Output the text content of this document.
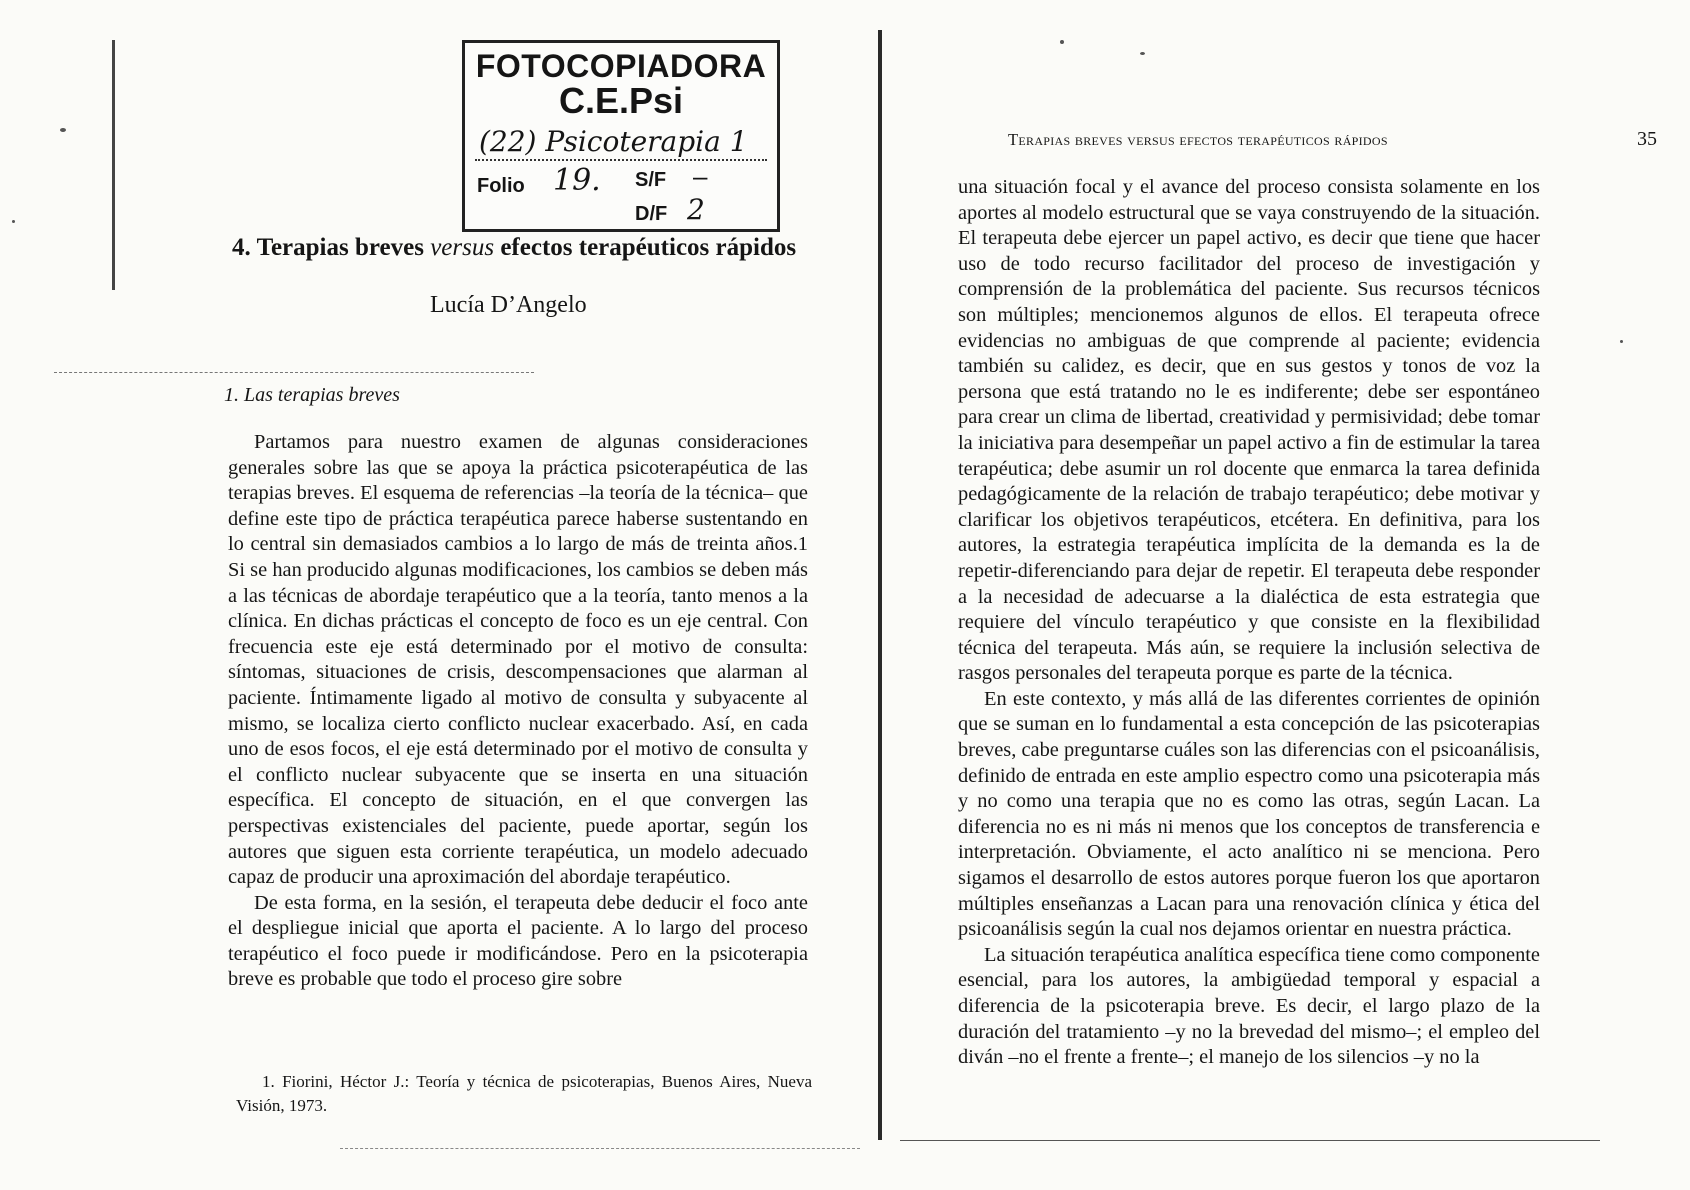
FOTOCOPIADORA
C.E.Psi
(22) Psicoterapia 1
Folio 19. S/F –
D/F 2
4. Terapias breves versus efectos terapéuticos rápidos
Lucía D’Angelo
1. Las terapias breves

Partamos para nuestro examen de algunas consideraciones generales sobre las que se apoya la práctica psicoterapéutica de las terapias breves. El esquema de referencias –la teoría de la técnica– que define este tipo de práctica terapéutica parece haberse sustentando en lo central sin demasiados cambios a lo largo de más de treinta años.1 Si se han producido algunas modificaciones, los cambios se deben más a las técnicas de abordaje terapéutico que a la teoría, tanto menos a la clínica. En dichas prácticas el concepto de foco es un eje central. Con frecuencia este eje está determinado por el motivo de consulta: síntomas, situaciones de crisis, descompensaciones que alarman al paciente. Íntimamente ligado al motivo de consulta y subyacente al mismo, se localiza cierto conflicto nuclear exacerbado. Así, en cada uno de esos focos, el eje está determinado por el motivo de consulta y el conflicto nuclear subyacente que se inserta en una situación específica. El concepto de situación, en el que convergen las perspectivas existenciales del paciente, puede aportar, según los autores que siguen esta corriente terapéutica, un modelo adecuado capaz de producir una aproximación del abordaje terapéutico.

De esta forma, en la sesión, el terapeuta debe deducir el foco ante el despliegue inicial que aporta el paciente. A lo largo del proceso terapéutico el foco puede ir modificándose. Pero en la psicoterapia breve es probable que todo el proceso gire sobre

1. Fiorini, Héctor J.: Teoría y técnica de psicoterapias, Buenos Aires, Nueva Visión, 1973.
Terapias breves versus efectos terapéuticos rápidos	35

una situación focal y el avance del proceso consista solamente en los aportes al modelo estructural que se vaya construyendo de la situación. El terapeuta debe ejercer un papel activo, es decir que tiene que hacer uso de todo recurso facilitador del proceso de investigación y comprensión de la problemática del paciente. Sus recursos técnicos son múltiples; mencionemos algunos de ellos. El terapeuta ofrece evidencias no ambiguas de que comprende al paciente; evidencia también su calidez, es decir, que en sus gestos y tonos de voz la persona que está tratando no le es indiferente; debe ser espontáneo para crear un clima de libertad, creatividad y permisividad; debe tomar la iniciativa para desempeñar un papel activo a fin de estimular la tarea terapéutica; debe asumir un rol docente que enmarca la tarea definida pedagógicamente de la relación de trabajo terapéutico; debe motivar y clarificar los objetivos terapéuticos, etcétera. En definitiva, para los autores, la estrategia terapéutica implícita de la demanda es la de repetir-diferenciando para dejar de repetir. El terapeuta debe responder a la necesidad de adecuarse a la dialéctica de esta estrategia que requiere del vínculo terapéutico y que consiste en la flexibilidad técnica del terapeuta. Más aún, se requiere la inclusión selectiva de rasgos personales del terapeuta porque es parte de la técnica.

En este contexto, y más allá de las diferentes corrientes de opinión que se suman en lo fundamental a esta concepción de las psicoterapias breves, cabe preguntarse cuáles son las diferencias con el psicoanálisis, definido de entrada en este amplio espectro como una psicoterapia más y no como una terapia que no es como las otras, según Lacan. La diferencia no es ni más ni menos que los conceptos de transferencia e interpretación. Obviamente, el acto analítico ni se menciona. Pero sigamos el desarrollo de estos autores porque fueron los que aportaron múltiples enseñanzas a Lacan para una renovación clínica y ética del psicoanálisis según la cual nos dejamos orientar en nuestra práctica.

La situación terapéutica analítica específica tiene como componente esencial, para los autores, la ambigüedad temporal y espacial a diferencia de la psicoterapia breve. Es decir, el largo plazo de la duración del tratamiento –y no la brevedad del mismo–; el empleo del diván –no el frente a frente–; el manejo de los silencios –y no la
